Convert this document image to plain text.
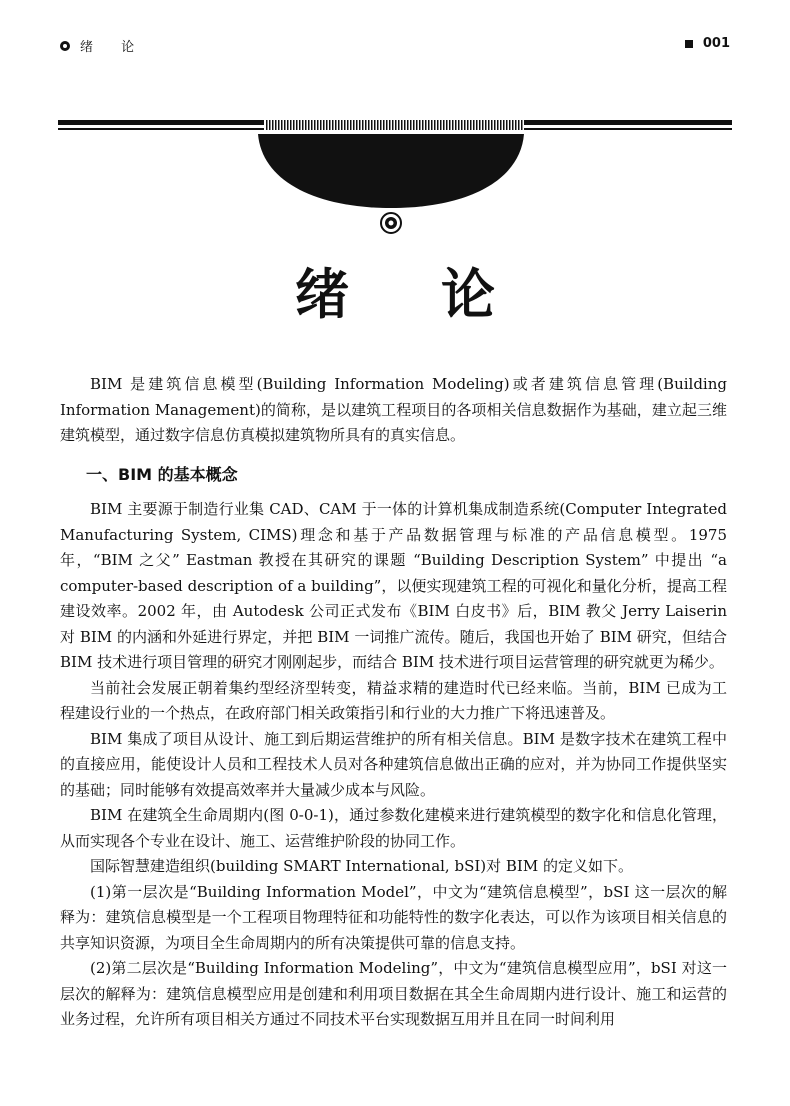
绪 论	001
绪论

BIM 是建筑信息模型(Building Information Modeling)或者建筑信息管理(Building Information Management)的简称，是以建筑工程项目的各项相关信息数据作为基础，建立起三维建筑模型，通过数字信息仿真模拟建筑物所具有的真实信息。

一、BIM 的基本概念

BIM 主要源于制造行业集 CAD、CAM 于一体的计算机集成制造系统(Computer Integrated Manufacturing System, CIMS)理念和基于产品数据管理与标准的产品信息模型。1975 年，“BIM 之父” Eastman 教授在其研究的课题 “Building Description System” 中提出 “a computer-based description of a building”，以便实现建筑工程的可视化和量化分析，提高工程建设效率。2002 年，由 Autodesk 公司正式发布《BIM 白皮书》后，BIM 教父 Jerry Laiserin 对 BIM 的内涵和外延进行界定，并把 BIM 一词推广流传。随后，我国也开始了 BIM 研究，但结合 BIM 技术进行项目管理的研究才刚刚起步，而结合 BIM 技术进行项目运营管理的研究就更为稀少。

当前社会发展正朝着集约型经济型转变，精益求精的建造时代已经来临。当前，BIM 已成为工程建设行业的一个热点，在政府部门相关政策指引和行业的大力推广下将迅速普及。

BIM 集成了项目从设计、施工到后期运营维护的所有相关信息。BIM 是数字技术在建筑工程中的直接应用，能使设计人员和工程技术人员对各种建筑信息做出正确的应对，并为协同工作提供坚实的基础；同时能够有效提高效率并大量减少成本与风险。

BIM 在建筑全生命周期内(图 0-0-1)，通过参数化建模来进行建筑模型的数字化和信息化管理，从而实现各个专业在设计、施工、运营维护阶段的协同工作。

国际智慧建造组织(building SMART International, bSI)对 BIM 的定义如下。

(1)第一层次是“Building Information Model”，中文为“建筑信息模型”，bSI 这一层次的解释为：建筑信息模型是一个工程项目物理特征和功能特性的数字化表达，可以作为该项目相关信息的共享知识资源，为项目全生命周期内的所有决策提供可靠的信息支持。

(2)第二层次是“Building Information Modeling”，中文为“建筑信息模型应用”，bSI 对这一层次的解释为：建筑信息模型应用是创建和利用项目数据在其全生命周期内进行设计、施工和运营的业务过程，允许所有项目相关方通过不同技术平台实现数据互用并且在同一时间利用
